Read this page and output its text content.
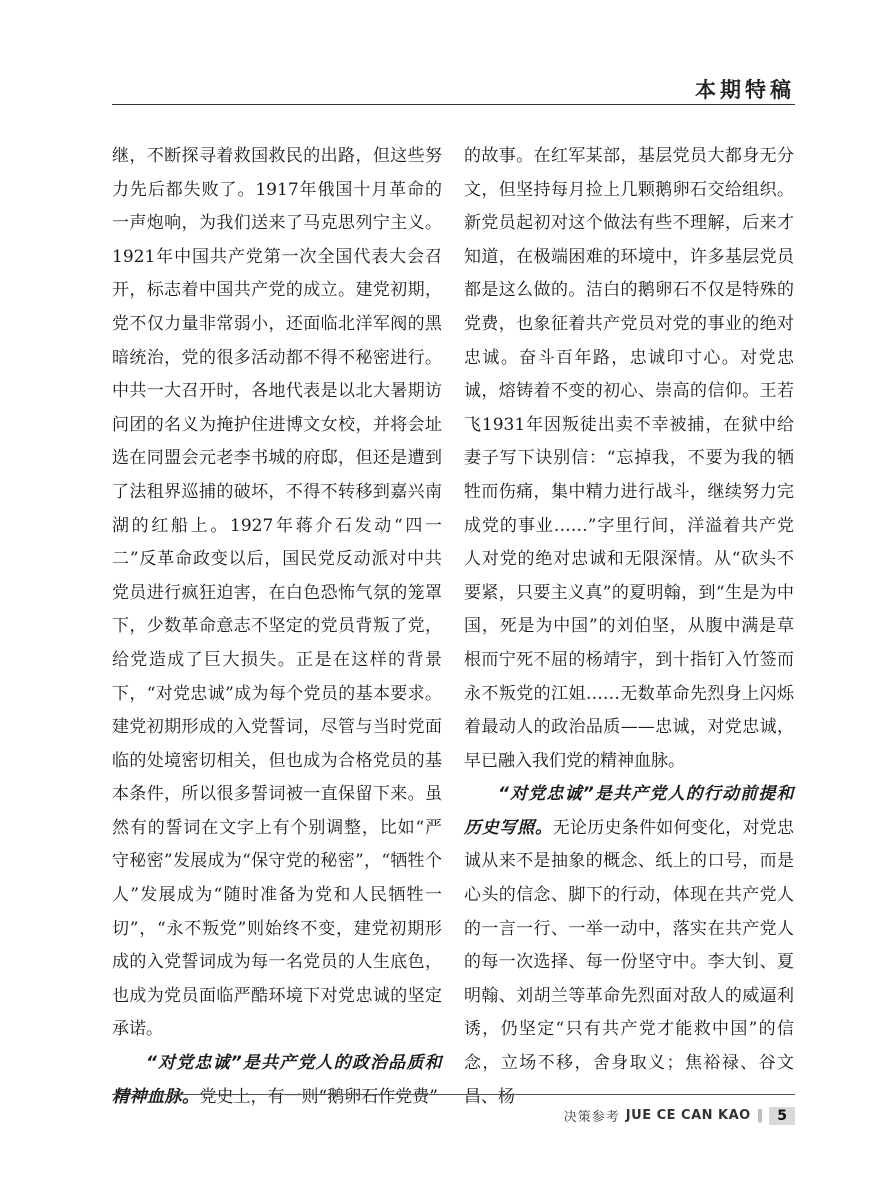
本期特稿

继，不断探寻着救国救民的出路，但这些努力先后都失败了。1917年俄国十月革命的一声炮响，为我们送来了马克思列宁主义。1921年中国共产党第一次全国代表大会召开，标志着中国共产党的成立。建党初期，党不仅力量非常弱小，还面临北洋军阀的黑暗统治，党的很多活动都不得不秘密进行。中共一大召开时，各地代表是以北大暑期访问团的名义为掩护住进博文女校，并将会址选在同盟会元老李书城的府邸，但还是遭到了法租界巡捕的破坏，不得不转移到嘉兴南湖的红船上。1927年蒋介石发动“四一二”反革命政变以后，国民党反动派对中共党员进行疯狂迫害，在白色恐怖气氛的笼罩下，少数革命意志不坚定的党员背叛了党，给党造成了巨大损失。正是在这样的背景下，“对党忠诚”成为每个党员的基本要求。建党初期形成的入党誓词，尽管与当时党面临的处境密切相关，但也成为合格党员的基本条件，所以很多誓词被一直保留下来。虽然有的誓词在文字上有个别调整，比如“严守秘密”发展成为“保守党的秘密”，“牺牲个人”发展成为“随时准备为党和人民牺牲一切”，“永不叛党”则始终不变，建党初期形成的入党誓词成为每一名党员的人生底色，也成为党员面临严酷环境下对党忠诚的坚定承诺。

“对党忠诚”是共产党人的政治品质和精神血脉。党史上，有一则“鹅卵石作党费”

的故事。在红军某部，基层党员大都身无分文，但坚持每月捡上几颗鹅卵石交给组织。新党员起初对这个做法有些不理解，后来才知道，在极端困难的环境中，许多基层党员都是这么做的。洁白的鹅卵石不仅是特殊的党费，也象征着共产党员对党的事业的绝对忠诚。奋斗百年路，忠诚印寸心。对党忠诚，熔铸着不变的初心、崇高的信仰。王若飞1931年因叛徒出卖不幸被捕，在狱中给妻子写下诀别信：“忘掉我，不要为我的牺牲而伤痛，集中精力进行战斗，继续努力完成党的事业……”字里行间，洋溢着共产党人对党的绝对忠诚和无限深情。从“砍头不要紧，只要主义真”的夏明翰，到“生是为中国，死是为中国”的刘伯坚，从腹中满是草根而宁死不屈的杨靖宇，到十指钉入竹签而永不叛党的江姐……无数革命先烈身上闪烁着最动人的政治品质——忠诚，对党忠诚，早已融入我们党的精神血脉。

“对党忠诚”是共产党人的行动前提和历史写照。无论历史条件如何变化，对党忠诚从来不是抽象的概念、纸上的口号，而是心头的信念、脚下的行动，体现在共产党人的一言一行、一举一动中，落实在共产党人的每一次选择、每一份坚守中。李大钊、夏明翰、刘胡兰等革命先烈面对敌人的威逼利诱，仍坚定“只有共产党才能救中国”的信念，立场不移，舍身取义；焦裕禄、谷文昌、杨

决策参考 JUE CE CAN KAO ‖	5
